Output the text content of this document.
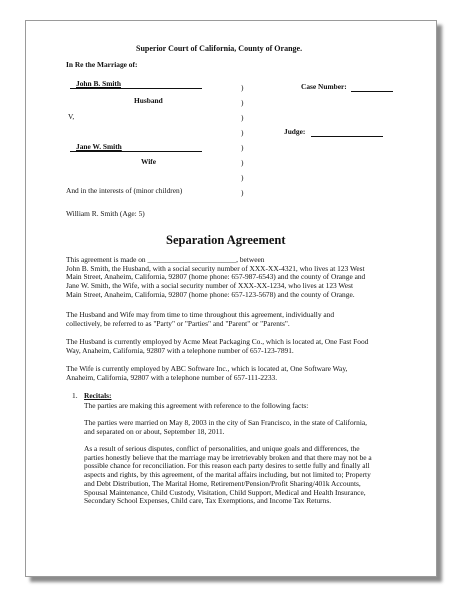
Superior Court of California, County of Orange.
In Re the Marriage of:
John B. Smith
Husband
V,
Jane W. Smith
Wife
And in the interests of (minor children)
William R. Smith (Age: 5)
)
)
)
)
)
)
)
)
Case Number:
Judge:
Separation Agreement
This agreement is made on ________________________, between
John B. Smith, the Husband, with a social security number of XXX-XX-4321, who lives at 123 West
Main Street, Anaheim, California, 92807 (home phone: 657-987-6543) and the county of Orange and
Jane W. Smith, the Wife, with a social security number of XXX-XX-1234, who lives at 123 West
Main Street, Anaheim, California, 92807 (home phone: 657-123-5678) and the county of Orange.
The Husband and Wife may from time to time throughout this agreement, individually and
collectively, be referred to as "Party" or "Parties" and "Parent" or "Parents".
The Husband is currently employed by Acme Meat Packaging Co., which is located at, One Fast Food
Way, Anaheim, California, 92807 with a telephone number of 657-123-7891.
The Wife is currently employed by ABC Software Inc., which is located at, One Software Way,
Anaheim, California, 92807 with a telephone number of 657-111-2233.
1. Recitals:
The parties are making this agreement with reference to the following facts:
The parties were married on May 8, 2003 in the city of San Francisco, in the state of California,
and separated on or about, September 18, 2011.
As a result of serious disputes, conflict of personalities, and unique goals and differences, the
parties honestly believe that the marriage may be irretrievably broken and that there may not be a
possible chance for reconciliation. For this reason each party desires to settle fully and finally all
aspects and rights, by this agreement, of the marital affairs including, but not limited to; Property
and Debt Distribution, The Marital Home, Retirement/Pension/Profit Sharing/401k Accounts,
Spousal Maintenance, Child Custody, Visitation, Child Support, Medical and Health Insurance,
Secondary School Expenses, Child care, Tax Exemptions, and Income Tax Returns.
